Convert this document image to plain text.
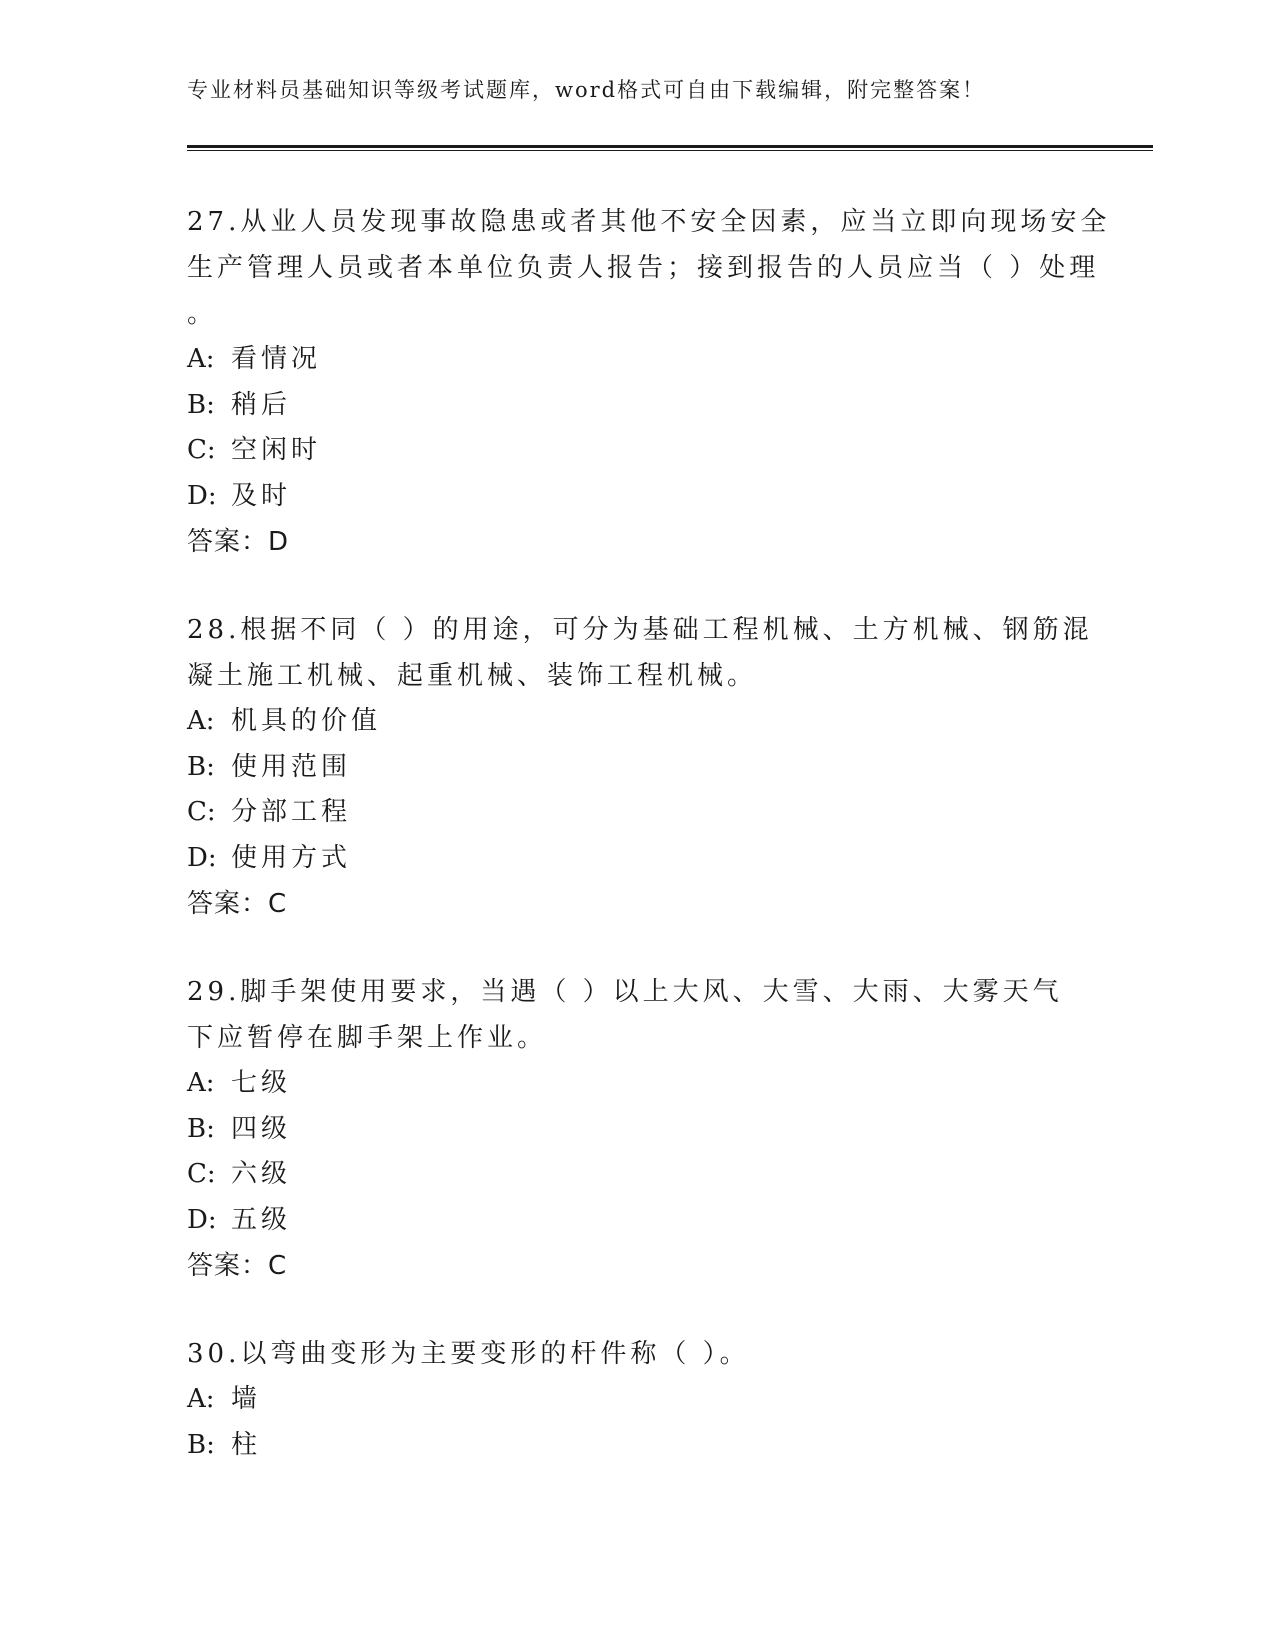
专业材料员基础知识等级考试题库，word格式可自由下载编辑，附完整答案！
27.从业人员发现事故隐患或者其他不安全因素，应当立即向现场安全
生产管理人员或者本单位负责人报告；接到报告的人员应当（ ）处理
。
A: 看情况
B: 稍后
C: 空闲时
D: 及时
答案：D
28.根据不同（ ）的用途，可分为基础工程机械、土方机械、钢筋混
凝土施工机械、起重机械、装饰工程机械。
A: 机具的价值
B: 使用范围
C: 分部工程
D: 使用方式
答案：C
29.脚手架使用要求，当遇（ ）以上大风、大雪、大雨、大雾天气
下应暂停在脚手架上作业。
A: 七级
B: 四级
C: 六级
D: 五级
答案：C
30.以弯曲变形为主要变形的杆件称（ ）。
A: 墙
B: 柱
